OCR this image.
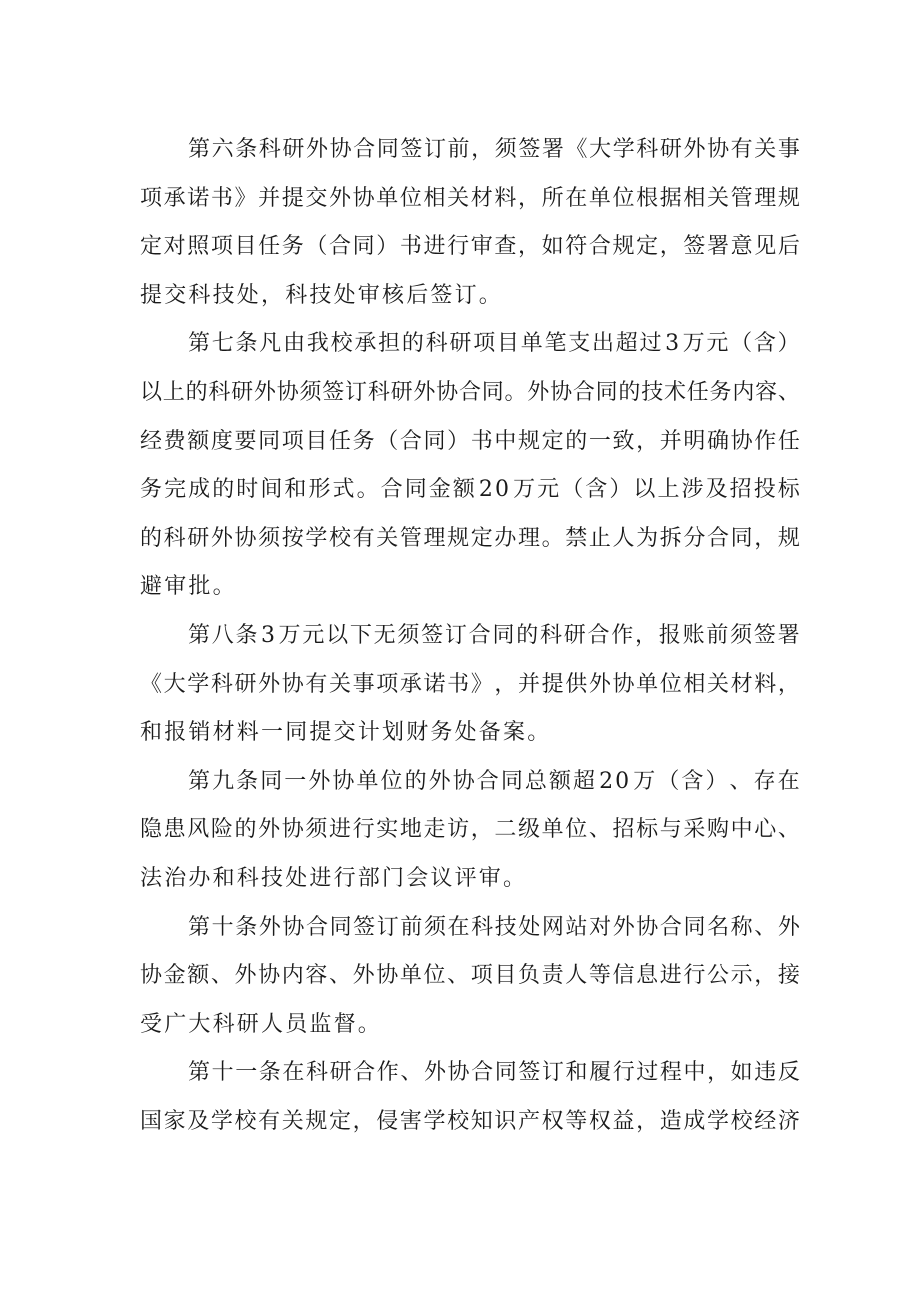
第 六 条 科 研 外 协 合 同 签 订 前 ， 须 签 署 《 大 学 科 研 外 协 有 关 事
项 承 诺 书 》 并 提 交 外 协 单 位 相 关 材 料 ， 所 在 单 位 根 据 相 关 管 理 规
定 对 照 项 目 任 务 （ 合 同 ） 书 进 行 审 查 ， 如 符 合 规 定 ， 签 署 意 见 后
提交科技处，科技处审核后签订。
第 七 条 凡 由 我 校 承 担 的 科 研 项 目 单 笔 支 出 超 过 3 万 元 （ 含 ）
以 上 的 科 研 外 协 须 签 订 科 研 外 协 合 同 。 外 协 合 同 的 技 术 任 务 内 容 、
经 费 额 度 要 同 项 目 任 务 （ 合 同 ） 书 中 规 定 的 一 致 ， 并 明 确 协 作 任
务 完 成 的 时 间 和 形 式 。 合 同 金 额 2 0 万 元 （ 含 ） 以 上 涉 及 招 投 标
的 科 研 外 协 须 按 学 校 有 关 管 理 规 定 办 理 。 禁 止 人 为 拆 分 合 同 ， 规
避审批。
第 八 条 3 万 元 以 下 无 须 签 订 合 同 的 科 研 合 作 ， 报 账 前 须 签 署
《 大 学 科 研 外 协 有 关 事 项 承 诺 书 》 ， 并 提 供 外 协 单 位 相 关 材 料 ，
和报销材料一同提交计划财务处备案。
第 九 条 同 一 外 协 单 位 的 外 协 合 同 总 额 超 2 0 万 （ 含 ） 、 存 在
隐 患 风 险 的 外 协 须 进 行 实 地 走 访 ， 二 级 单 位 、 招 标 与 采 购 中 心 、
法治办和科技处进行部门会议评审。
第 十 条 外 协 合 同 签 订 前 须 在 科 技 处 网 站 对 外 协 合 同 名 称 、 外
协 金 额 、 外 协 内 容 、 外 协 单 位 、 项 目 负 责 人 等 信 息 进 行 公 示 ， 接
受广大科研人员监督。
第 十 一 条 在 科 研 合 作 、 外 协 合 同 签 订 和 履 行 过 程 中 ， 如 违 反
国 家 及 学 校 有 关 规 定 ， 侵 害 学 校 知 识 产 权 等 权 益 ， 造 成 学 校 经 济
